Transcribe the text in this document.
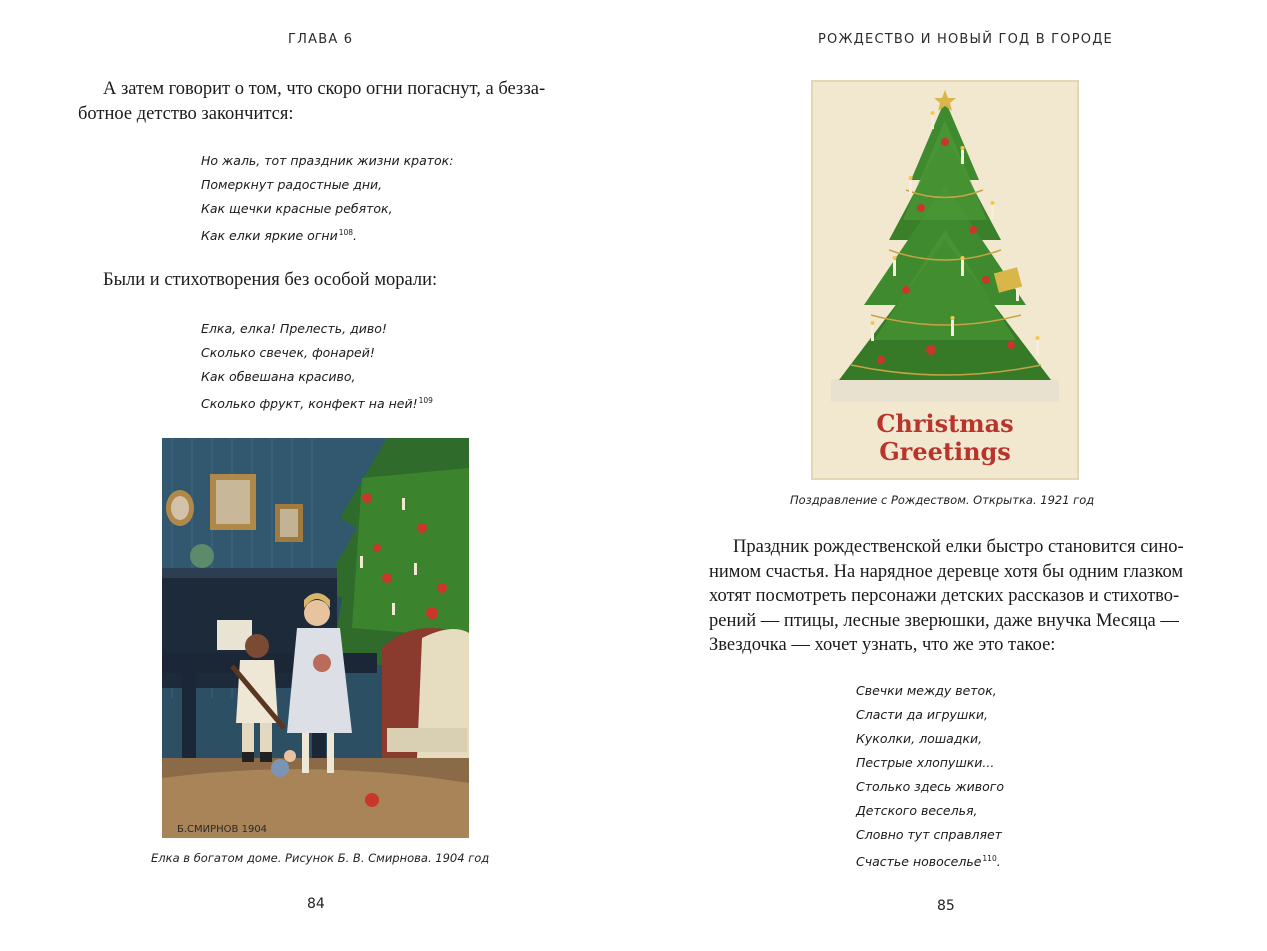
ГЛАВА 6
А затем говорит о том, что скоро огни погаснут, а безза-
ботное детство закончится:
Но жаль, тот праздник жизни краток:
Померкнут радостные дни,
Как щечки красные ребяток,
Как елки яркие огни$^{108}$.
Были и стихотворения без особой морали:
Елка, елка! Прелесть, диво!
Сколько свечек, фонарей!
Как обвешана красиво,
Сколько фрукт, конфект на ней!$^{109}$
Б.СМИРНОВ 1904
Елка в богатом доме. Рисунок Б. В. Смирнова. 1904 год
84
РОЖДЕСТВО И НОВЫЙ ГОД В ГОРОДЕ
Christmas
Greetings
Поздравление с Рождеством. Открытка. 1921 год
Праздник рождественской елки быстро становится сино-
нимом счастья. На нарядное деревце хотя бы одним глазком
хотят посмотреть персонажи детских рассказов и стихотво-
рений — птицы, лесные зверюшки, даже внучка Месяца —
Звездочка — хочет узнать, что же это такое:
Свечки между веток,
Сласти да игрушки,
Куколки, лошадки,
Пестрые хлопушки...
Столько здесь живого
Детского веселья,
Словно тут справляет
Счастье новоселье$^{110}$.
85
